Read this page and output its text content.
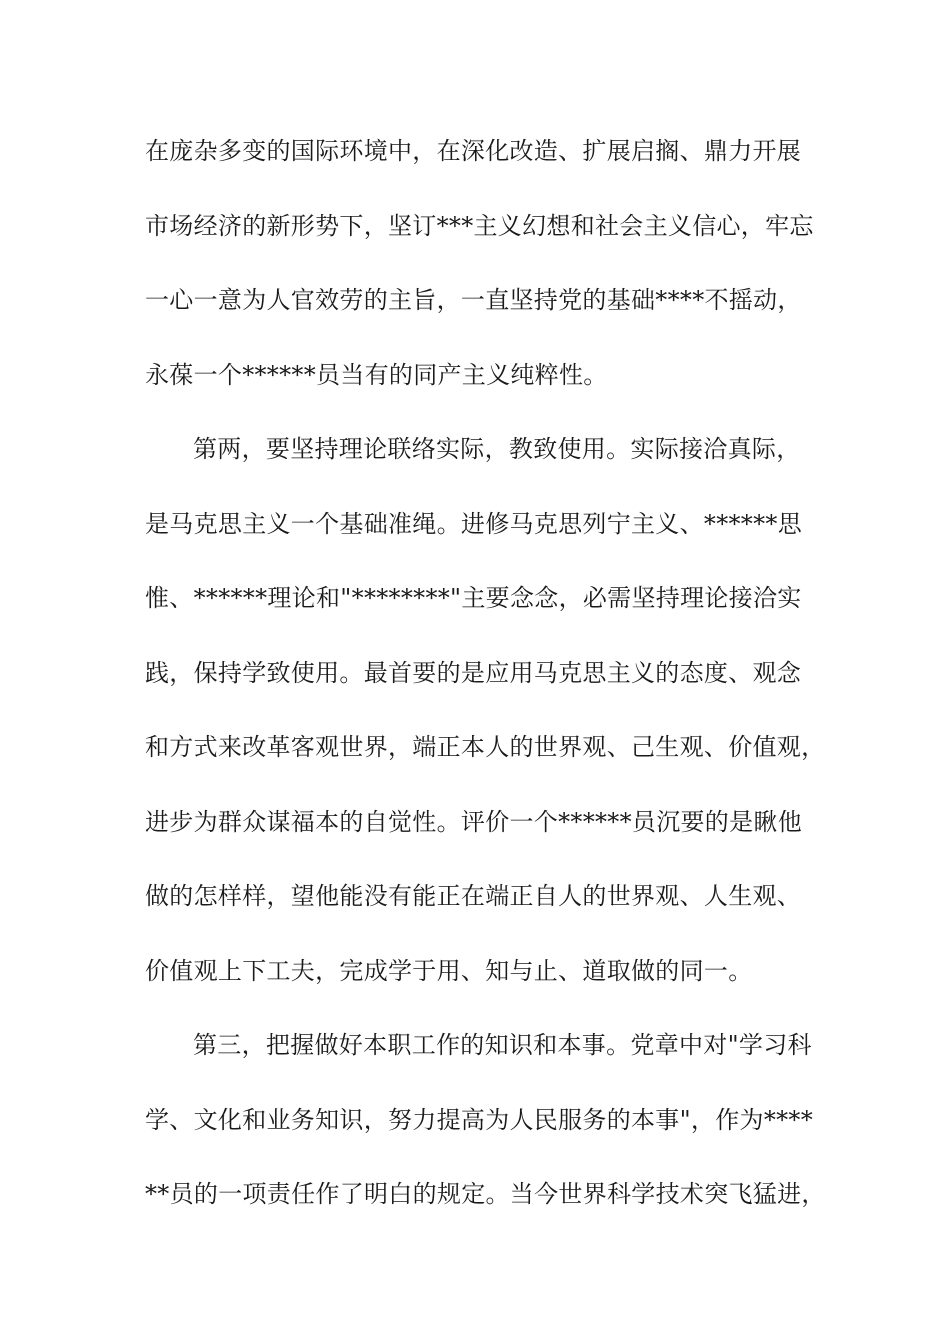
在庞杂多变的国际环境中，在深化改造、扩展启搁、鼎力开展
市场经济的新形势下，坚订***主义幻想和社会主义信心，牢忘
一心一意为人官效劳的主旨，一直坚持党的基础****不摇动，
永葆一个******员当有的同产主义纯粹性。
第两，要坚持理论联络实际，教致使用。实际接洽真际，
是马克思主义一个基础准绳。进修马克思列宁主义、******思
惟、******理论和"********"主要念念，必需坚持理论接洽实
践，保持学致使用。最首要的是应用马克思主义的态度、观念
和方式来改革客观世界，端正本人的世界观、己生观、价值观，
进步为群众谋福本的自觉性。评价一个******员沉要的是瞅他
做的怎样样，望他能没有能正在端正自人的世界观、人生观、
价值观上下工夫，完成学于用、知与止、道取做的同一。
第三，把握做好本职工作的知识和本事。党章中对"学习科
学、文化和业务知识，努力提高为人民服务的本事"，作为****
**员的一项责任作了明白的规定。当今世界科学技术突飞猛进，
